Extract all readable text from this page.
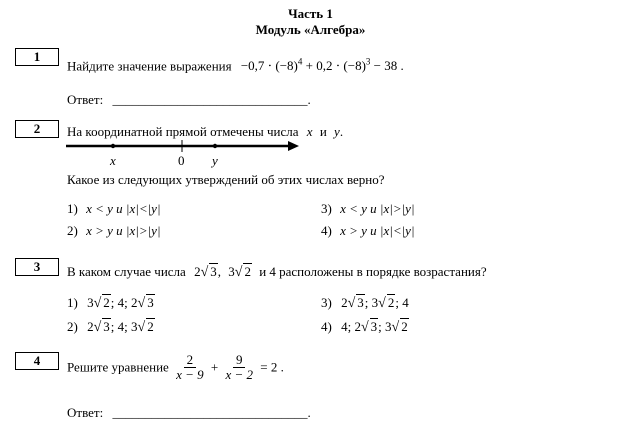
Часть 1
Модуль «Алгебра»
1
Найдите значение выражения $-0,7 \cdot (-8)^4 + 0,2 \cdot (-8)^3 - 38$ .
Ответ: ______________________________.
2	На координатной прямой отмечены числа x и y.
x	0 y
Какое из следующих утверждений об этих числах верно?
1) x < y и |x|<|y|
2) x > y и |x|>|y|
3) x < y и |x|>|y|
4) x > y и |x|<|y|
3	В каком случае числа 2√ 3, 3√ 2 и 4 расположены в порядке возрастания?
1) 3√ 2; 4; 2√ 3
2) 2√ 3; 4; 3√ 2
3) 2√ 3; 3√ 2; 4
4) 4; 2√ 3; 3√ 2
4	Решите уравнение $\frac{2}{x - 9} + \frac{9}{x - 2} = 2$ .
Ответ: ______________________________.
